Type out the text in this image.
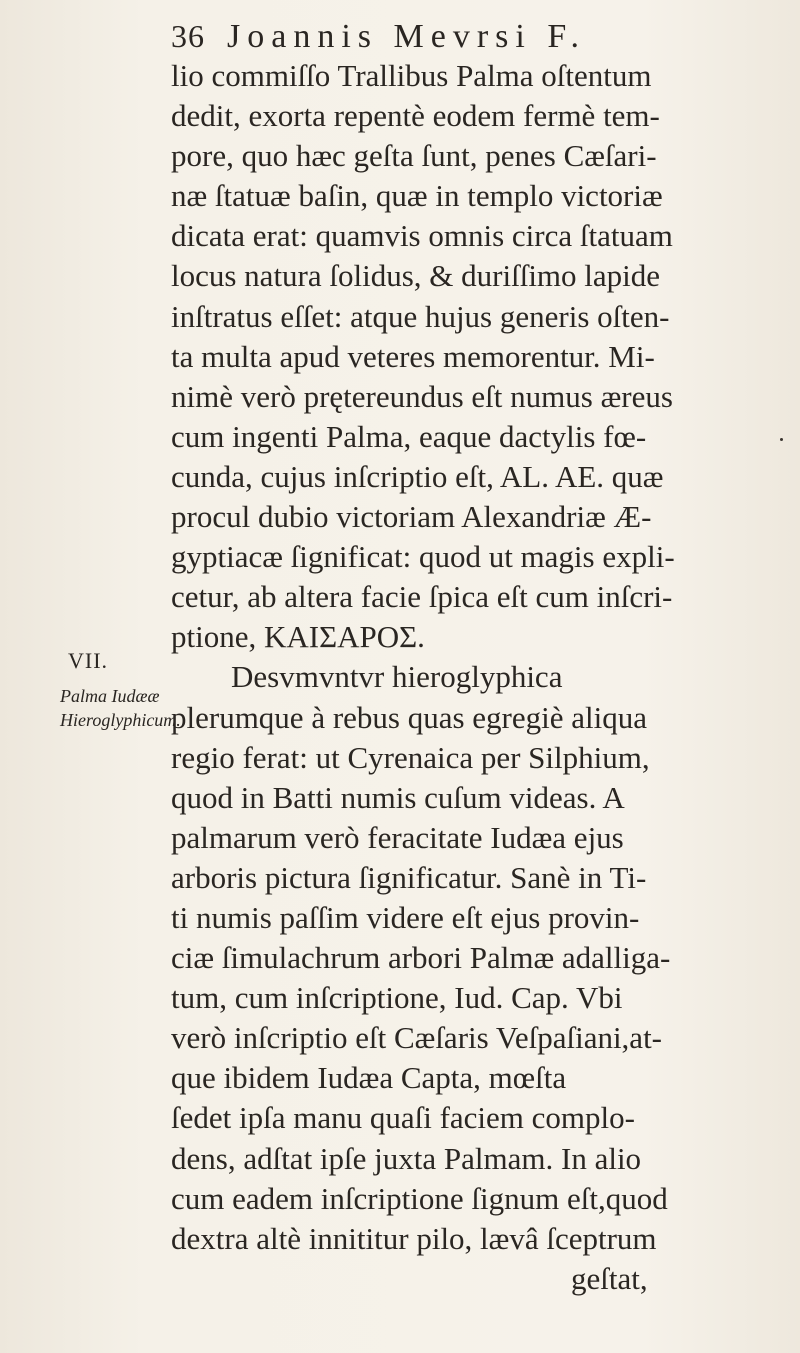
36 Joannis Mevrsi F.
lio commiſſo Trallibus Palma oſtentum
dedit, exorta repentè eodem fermè tem-
pore, quo hæc geſta ſunt, penes Cæſari-
næ ſtatuæ baſin, quæ in templo victoriæ
dicata erat: quamvis omnis circa ſtatuam
locus natura ſolidus, & duriſſimo lapide
inſtratus eſſet: atque hujus generis oſten-
ta multa apud veteres memorentur. Mi-
nimè verò prętereundus eſt numus æreus
cum ingenti Palma, eaque dactylis fœ-
cunda, cujus inſcriptio eſt, AL. AE. quæ
procul dubio victoriam Alexandriæ Æ-
gyptiacæ ſignificat: quod ut magis expli-
cetur, ab altera facie ſpica eſt cum inſcri-
ptione, ΚΑΙΣΑΡΟΣ.
Desvmvntvr hieroglyphica
plerumque à rebus quas egregiè aliqua
regio ferat: ut Cyrenaica per Silphium,
quod in Batti numis cuſum videas. A
palmarum verò feracitate Iudæa ejus
arboris pictura ſignificatur. Sanè in Ti-
ti numis paſſim videre eſt ejus provin-
ciæ ſimulachrum arbori Palmæ adalliga-
tum, cum inſcriptione, Iud. Cap. Vbi
verò inſcriptio eſt Cæſaris Veſpaſiani,at-
que ibidem Iudæa Capta, mœſta
ſedet ipſa manu quaſi faciem complo-
dens, adſtat ipſe juxta Palmam. In alio
cum eadem inſcriptione ſignum eſt,quod
dextra altè innititur pilo, lævâ ſceptrum
geſtat,
VII.
Palma Iudææ Hieroglyphicum.
